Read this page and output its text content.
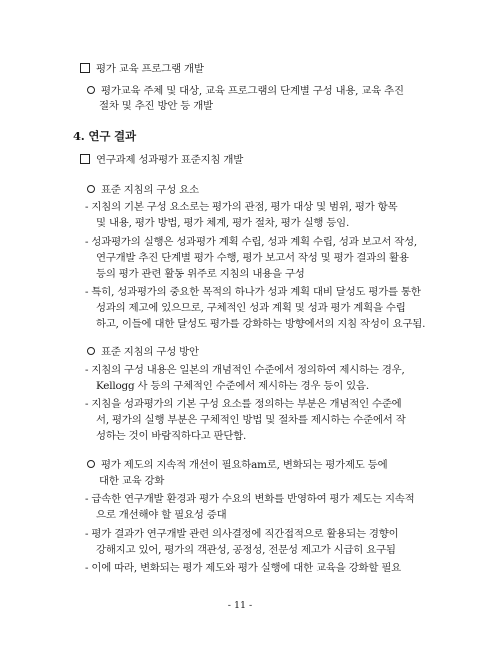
평가 교육 프로그램 개발
평가교육 주체 및 대상, 교육 프로그램의 단계별 구성 내용, 교육 추진
절차 및 추진 방안 등 개발
4. 연구 결과
연구과제 성과평가 표준지침 개발
표준 지침의 구성 요소
- 지침의 기본 구성 요소로는 평가의 관점, 평가 대상 및 범위, 평가 항목
및 내용, 평가 방법, 평가 체계, 평가 절차, 평가 실행 등임.
- 성과평가의 실행은 성과평가 계획 수립, 성과 계획 수립, 성과 보고서 작성,
연구개발 추진 단계별 평가 수행, 평가 보고서 작성 및 평가 결과의 활용
등의 평가 관련 활동 위주로 지침의 내용을 구성
- 특히, 성과평가의 중요한 목적의 하나가 성과 계획 대비 달성도 평가를 통한
성과의 제고에 있으므로, 구체적인 성과 계획 및 성과 평가 계획을 수립
하고, 이들에 대한 달성도 평가를 강화하는 방향에서의 지침 작성이 요구됨.
표준 지침의 구성 방안
- 지침의 구성 내용은 일본의 개념적인 수준에서 정의하여 제시하는 경우,
Kellogg 사 등의 구체적인 수준에서 제시하는 경우 등이 있음.
- 지침을 성과평가의 기본 구성 요소를 정의하는 부분은 개념적인 수준에
서, 평가의 실행 부분은 구체적인 방법 및 절차를 제시하는 수준에서 작
성하는 것이 바람직하다고 판단함.
평가 제도의 지속적 개선이 필요하am로, 변화되는 평가제도 등에
대한 교육 강화
- 급속한 연구개발 환경과 평가 수요의 변화를 반영하여 평가 제도는 지속적
으로 개선해야 할 필요성 증대
- 평가 결과가 연구개발 관련 의사결정에 직간접적으로 활용되는 경향이
강해지고 있어, 평가의 객관성, 공정성, 전문성 제고가 시급히 요구됨
- 이에 따라, 변화되는 평가 제도와 평가 실행에 대한 교육을 강화할 필요
- 11 -
